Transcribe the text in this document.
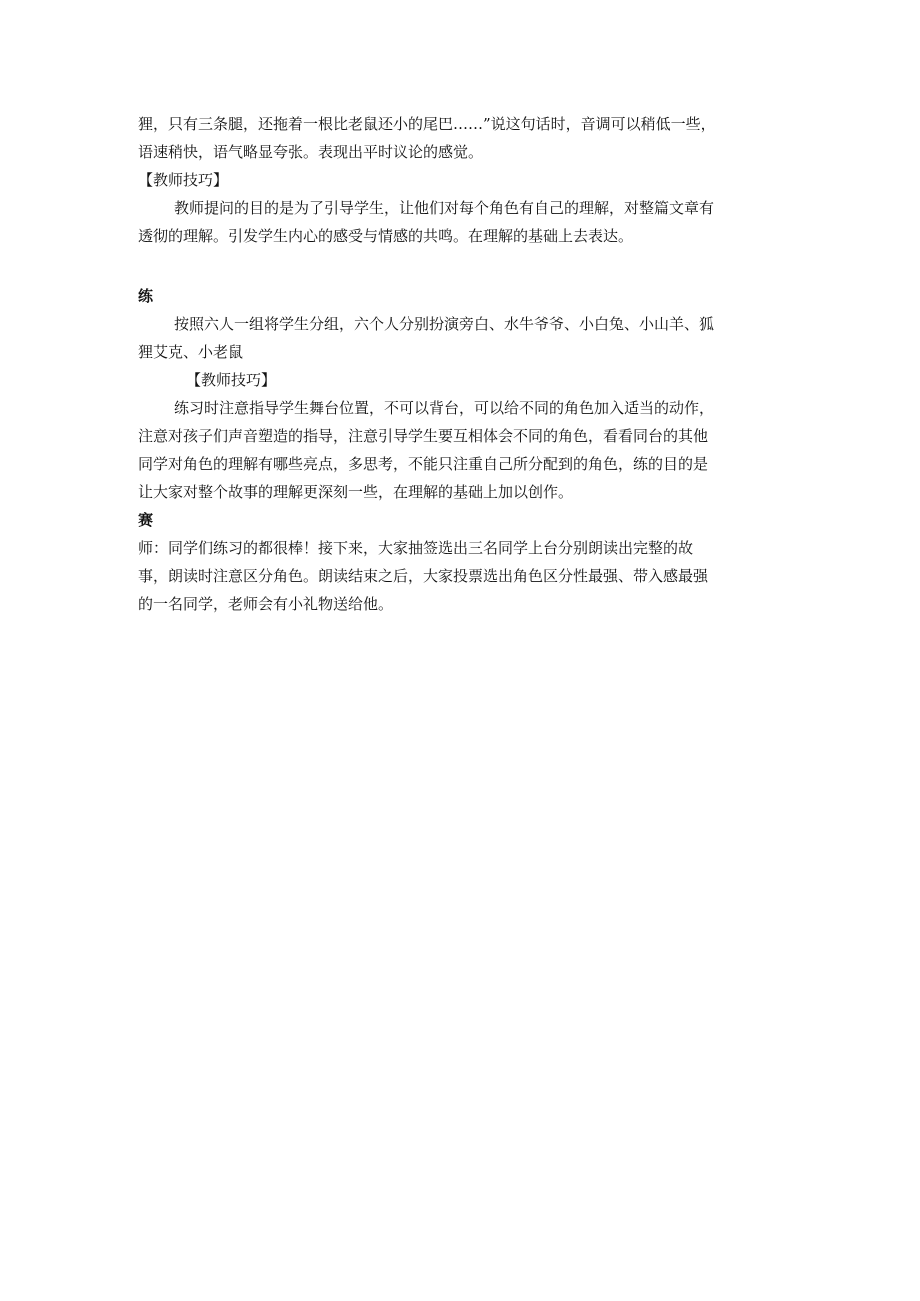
狸，只有三条腿，还拖着一根比老鼠还小的尾巴……”说这句话时，音调可以稍低一些，

语速稍快，语气略显夸张。表现出平时议论的感觉。

【教师技巧】

教师提问的目的是为了引导学生，让他们对每个角色有自己的理解，对整篇文章有

透彻的理解。引发学生内心的感受与情感的共鸣。在理解的基础上去表达。

练

按照六人一组将学生分组，六个人分别扮演旁白、水牛爷爷、小白兔、小山羊、狐

狸艾克、小老鼠

【教师技巧】

练习时注意指导学生舞台位置，不可以背台，可以给不同的角色加入适当的动作，

注意对孩子们声音塑造的指导，注意引导学生要互相体会不同的角色，看看同台的其他

同学对角色的理解有哪些亮点，多思考，不能只注重自己所分配到的角色，练的目的是

让大家对整个故事的理解更深刻一些，在理解的基础上加以创作。

赛

师：同学们练习的都很棒！接下来，大家抽签选出三名同学上台分别朗读出完整的故

事，朗读时注意区分角色。朗读结束之后，大家投票选出角色区分性最强、带入感最强

的一名同学，老师会有小礼物送给他。
